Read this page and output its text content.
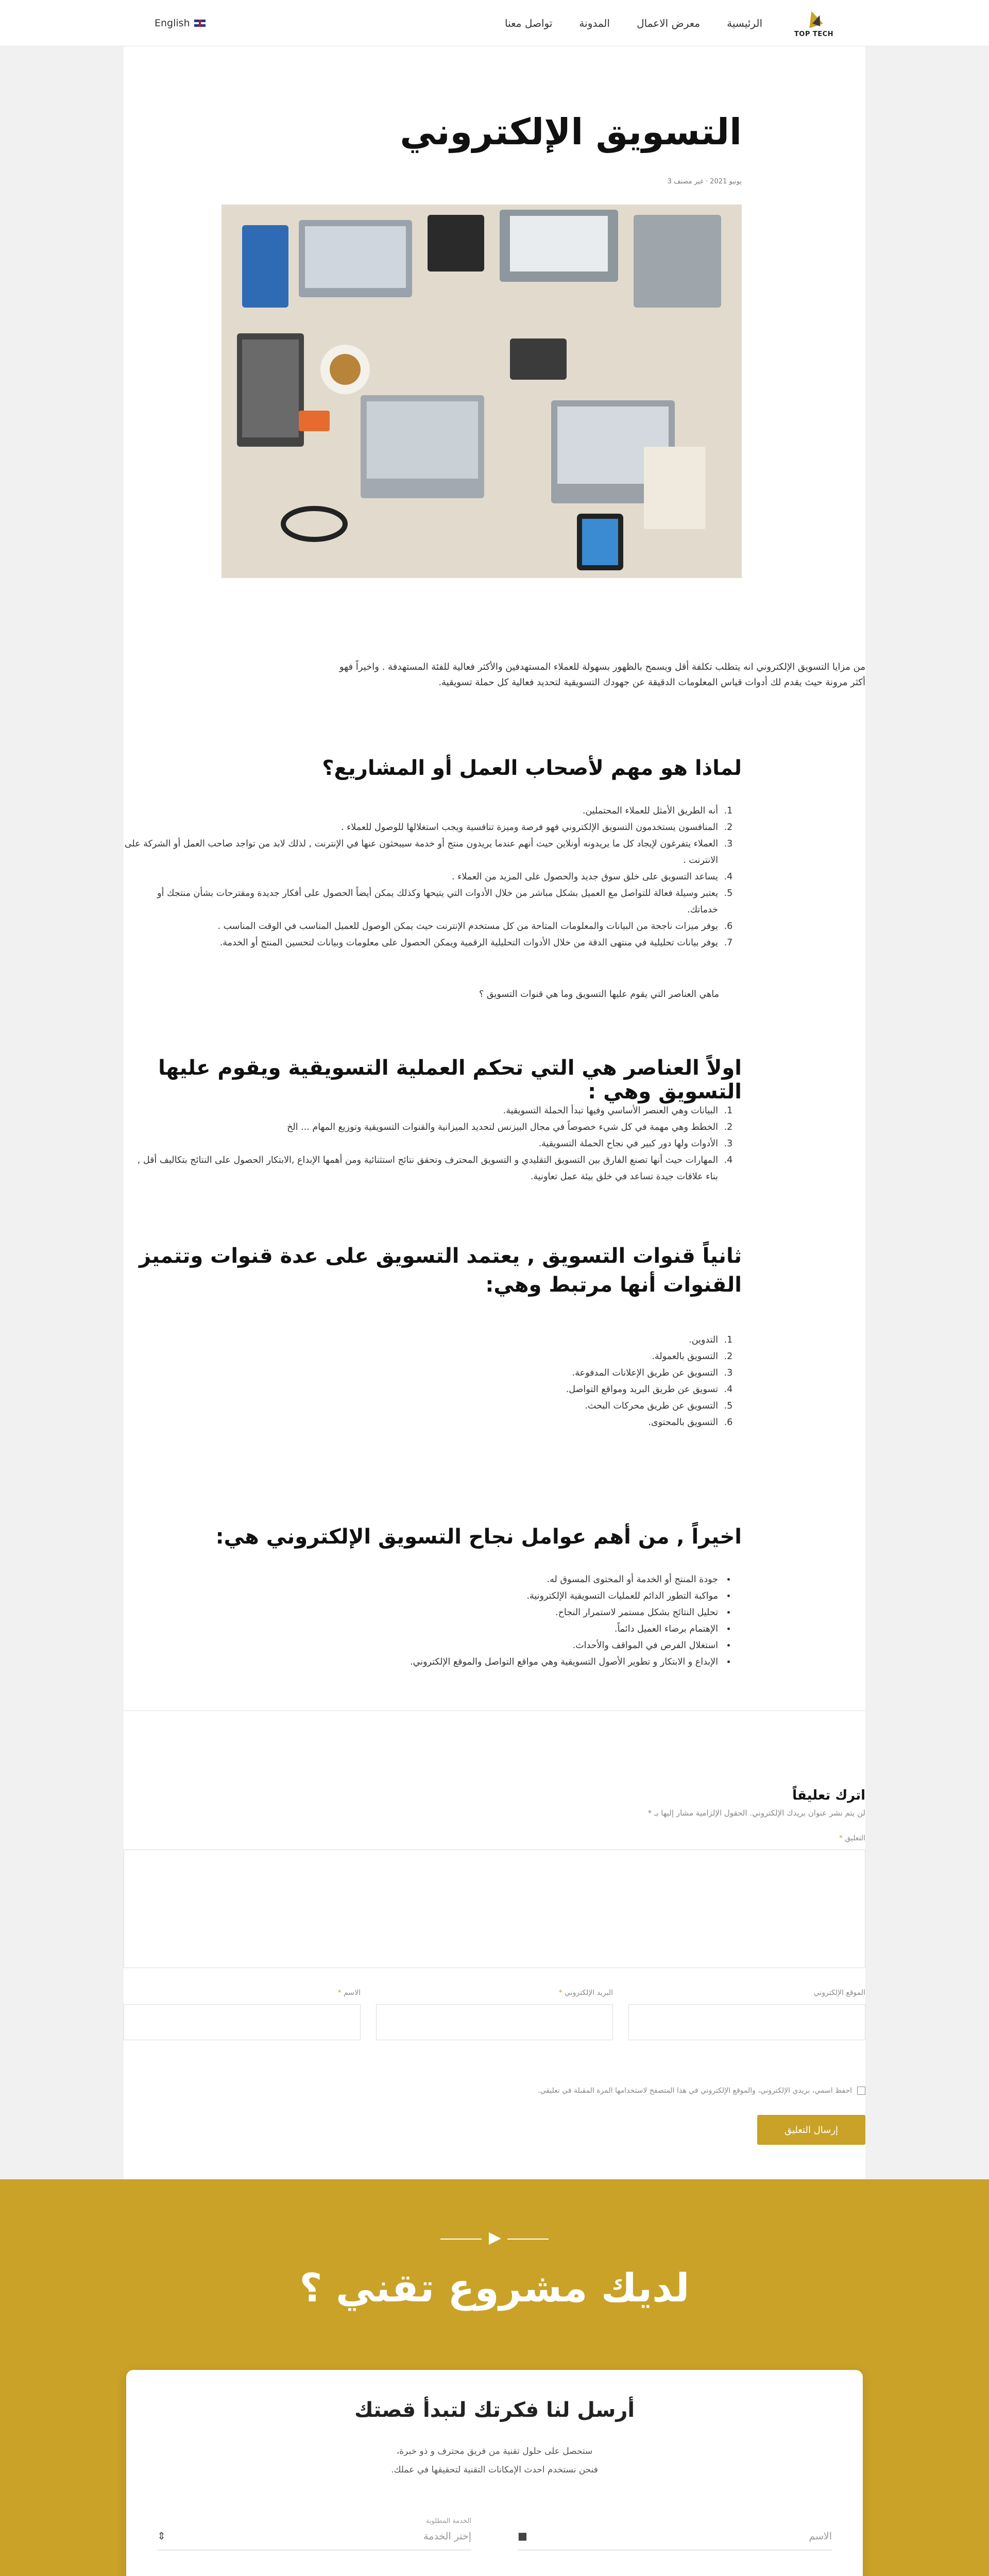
TOP TECH
الرئيسية
معرض الاعمال
المدونة
تواصل معنا
English
التسويق الإلكتروني
3 يونيو 2021 · غير مصنف

من مزايا التسويق الإلكتروني انه يتطلب تكلفة أقل ويسمح بالظهور بسهولة للعملاء المستهدفين والأكثر فعالية للفئة المستهدفة . واخيراً فهو

أكثر مرونة حيث يقدم لك أدوات قياس المعلومات الدقيقة عن جهودك التسويقية لتحديد فعالية كل حملة تسويقية.

لماذا هو مهم لأصحاب العمل أو المشاريع؟
1. أنه الطريق الأمثل للعملاء المحتملين.
2. المنافسون يستخدمون التسويق الإلكتروني فهو فرصة وميزة تنافسية ويجب استغلالها للوصول للعملاء .
3. العملاء يتفرغون لإيجاد كل ما يريدونه أونلاين حيث أنهم عندما يريدون منتج أو خدمة سيبحثون عنها في الإنترنت , لذلك لابد من تواجد صاحب العمل أو الشركة على الانترنت .
4. يساعد التسويق على خلق سوق جديد والحصول على المزيد من العملاء .
5. يعتبر وسيلة فعالة للتواصل مع العميل بشكل مباشر من خلال الأدوات التي يتيحها وكذلك يمكن أيضاً الحصول على أفكار جديدة ومقترحات بشأن منتجك أو خدماتك.
6. يوفر ميزات ناجحة من البيانات والمعلومات المتاحة من كل مستخدم الإنترنت حيث يمكن الوصول للعميل المناسب في الوقت المناسب .
7. يوفر بيانات تحليلية في منتهى الدقة من خلال الأدوات التحليلية الرقمية ويمكن الحصول على معلومات وبيانات لتحسين المنتج أو الخدمة.
ماهي العناصر التي يقوم عليها التسويق وما هي قنوات التسويق ؟
اولاً العناصر هي التي تحكم العملية التسويقية ويقوم عليها التسويق وهي :
1. البيانات وهي العنصر الأساسي وفيها تبدأ الحملة التسويقية.
2. الخطط وهي مهمة في كل شيء خصوصاً في مجال البيزنس لتحديد الميزانية والقنوات التسويقية وتوزيع المهام ... الخ
3. الأدوات ولها دور كبير في نجاح الحملة التسويقية.
4. المهارات حيث أنها تصنع الفارق بين التسويق التقليدي و التسويق المحترف وتحقق نتائج استثنائية ومن أهمها الإبداع ,الابتكار الحصول على النتائج بتكاليف أقل , بناء علاقات جيدة تساعد في خلق بيئة عمل تعاونية.
ثانياً قنوات التسويق , يعتمد التسويق على عدة قنوات وتتميز القنوات أنها مرتبط وهي:
1. التدوين.
2. التسويق بالعمولة.
3. التسويق عن طريق الإعلانات المدفوعة.
4. تسويق عن طريق البريد ومواقع التواصل.
5. التسويق عن طريق محركات البحث.
6. التسويق بالمحتوى.
اخيراً , من أهم عوامل نجاح التسويق الإلكتروني هي:
• جودة المنتج أو الخدمة أو المحتوى المسوق له.
• مواكبة التطور الدائم للعمليات التسويقية الإلكترونية.
• تحليل النتائج بشكل مستمر لاستمرار النجاح.
• الإهتمام برضاء العميل دائماً.
• استغلال الفرص في المواقف والأحداث.
• الإبداع و الابتكار و تطوير الأصول التسويقية وهي مواقع التواصل والموقع الإلكتروني.
اترك تعليقاً
لن يتم نشر عنوان بريدك الإلكتروني. الحقول الإلزامية مشار إليها بـ *
التعليق *
الاسم *	البريد الإلكتروني *	الموقع الإلكتروني
احفظ اسمي، بريدي الإلكتروني، والموقع الإلكتروني في هذا المتصفح لاستخدامها المرة المقبلة في تعليقي.
إرسال التعليق
لديك مشروع تقني ؟
أرسل لنا فكرتك لتبدأ قصتك
ستحصل على حلول تقنية من فريق محترف و ذو خبرة،
فنحن نستخدم احدث الإمكانات التقنية لتحقيقها في عملك.
الاسم
■
الخدمة المطلوبة
إختر الخدمة
⇕
